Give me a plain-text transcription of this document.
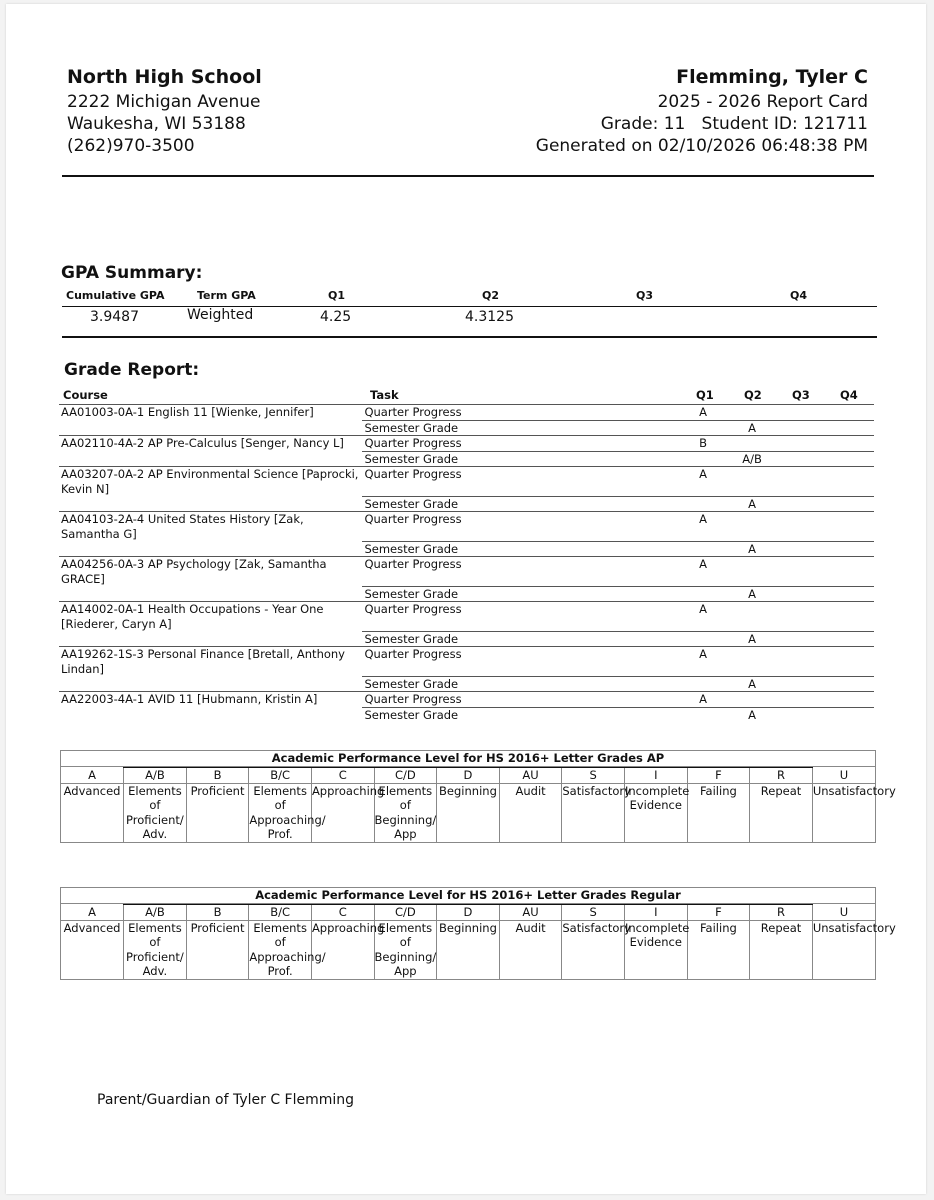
North High School
2222 Michigan Avenue
Waukesha, WI 53188
(262)970-3500
Flemming, Tyler C
2025 - 2026 Report Card
Grade: 11   Student ID: 121711
Generated on 02/10/2026 06:48:38 PM
GPA Summary:
Cumulative GPA	Term GPA	Q1	Q2	Q3	Q4
3.9487	Weighted	4.25	4.3125
Grade Report:
Course	Task	Q1	Q2	Q3	Q4
AA01003-0A-1 English 11 [Wienke, Jennifer]	Quarter Progress	A			
	Semester Grade		A		
AA02110-4A-2 AP Pre-Calculus [Senger, Nancy L]	Quarter Progress	B			
	Semester Grade		A/B		
AA03207-0A-2 AP Environmental Science [Paprocki, Kevin N]	Quarter Progress	A			
	Semester Grade		A		
AA04103-2A-4 United States History [Zak, Samantha G]	Quarter Progress	A			
	Semester Grade		A		
AA04256-0A-3 AP Psychology [Zak, Samantha GRACE]	Quarter Progress	A			
	Semester Grade		A		
AA14002-0A-1 Health Occupations - Year One [Riederer, Caryn A]	Quarter Progress	A			
	Semester Grade		A		
AA19262-1S-3 Personal Finance [Bretall, Anthony Lindan]	Quarter Progress	A			
	Semester Grade		A		
AA22003-4A-1 AVID 11 [Hubmann, Kristin A]	Quarter Progress	A			
	Semester Grade		A		
Academic Performance Level for HS 2016+ Letter Grades AP
A	A/B	B	B/C	C	C/D	D	AU	S	I	F	R	U
Advanced	Elements of Proficient/ Adv.	Proficient	Elements of Approaching/ Prof.	Approaching	Elements of Beginning/ App	Beginning	Audit	Satisfactory	Incomplete Evidence	Failing	Repeat	Unsatisfactory
Academic Performance Level for HS 2016+ Letter Grades Regular
A	A/B	B	B/C	C	C/D	D	AU	S	I	F	R	U
Advanced	Elements of Proficient/ Adv.	Proficient	Elements of Approaching/ Prof.	Approaching	Elements of Beginning/ App	Beginning	Audit	Satisfactory	Incomplete Evidence	Failing	Repeat	Unsatisfactory
Parent/Guardian of Tyler C Flemming
